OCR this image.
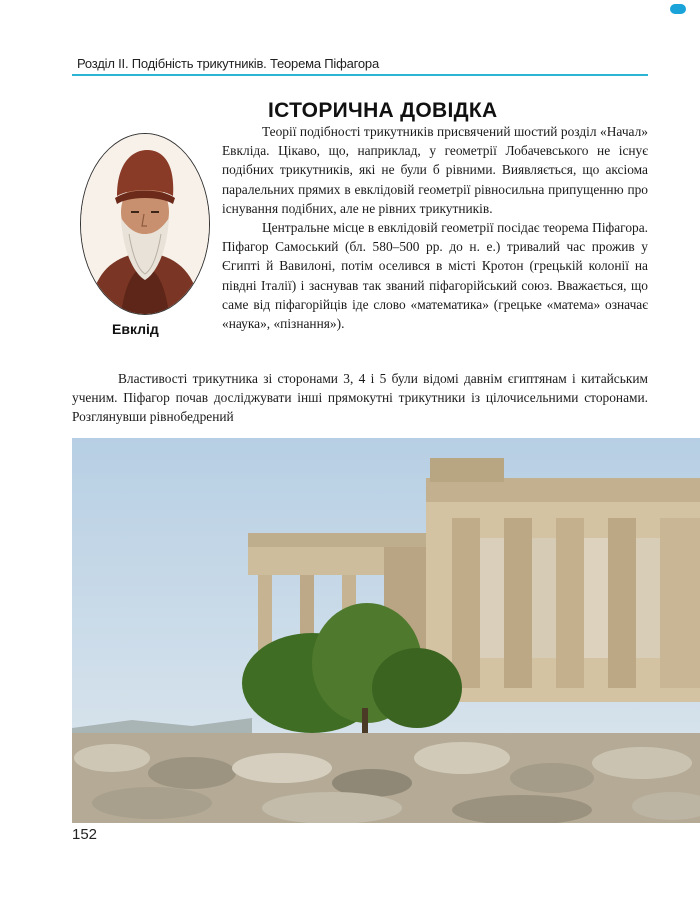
Розділ ІІ. Подібність трикутників. Теорема Піфагора
ІСТОРИЧНА ДОВІДКА
Евклід

Теорії подібності трикутників присвячений шостий розділ «Начал» Евкліда. Цікаво, що, наприклад, у геометрії Лобачевського не існує подібних трикутників, які не були б рівними. Виявляється, що аксіома паралельних прямих в евклідовій геометрії рівносильна припущенню про існування подібних, але не рівних трикутників.

Центральне місце в евклідовій геометрії посідає теорема Піфагора. Піфагор Самоський (бл. 580–500 рр. до н. е.) тривалий час прожив у Єгипті й Вавилоні, потім оселився в місті Кротон (грецькій колонії на півдні Італії) і заснував так званий піфагорійський союз. Вважається, що саме від піфагорійців іде слово «математика» (грецьке «матема» означає «наука», «пізнання»).

Властивості трикутника зі сторонами 3, 4 і 5 були відомі давнім єгиптянам і китайським ученим. Піфагор почав досліджувати інші прямокутні трикутники із цілочисельними сторонами. Розглянувши рівнобедрений

152
